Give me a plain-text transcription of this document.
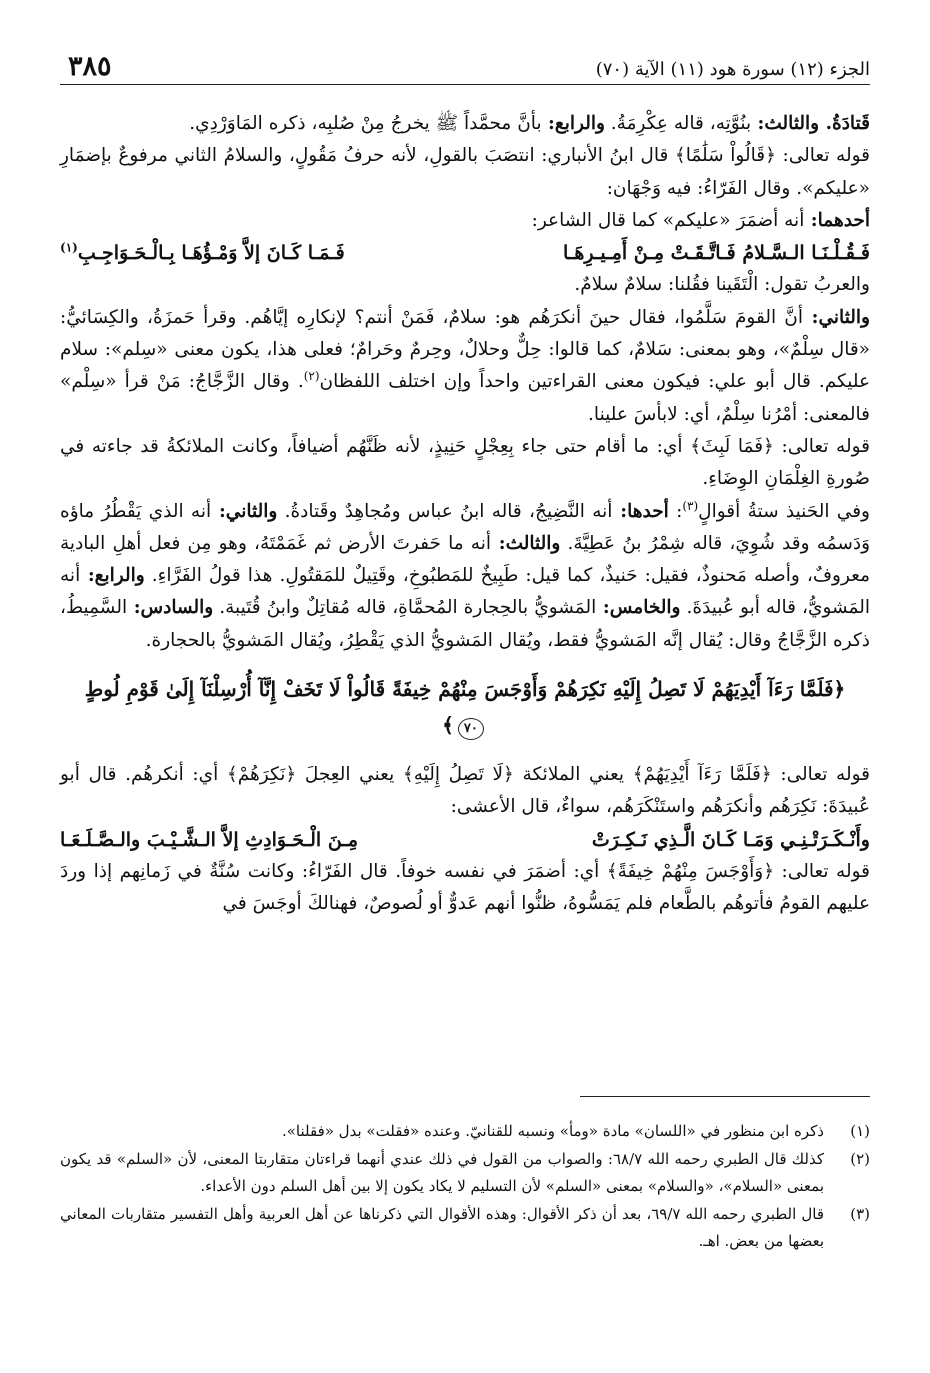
٣٨٥	الجزء (١٢) سورة هود (١١) الآية (٧٠)

قَتادَةُ. والثالث: بنُوَّتِه، قاله عِكْرِمَةُ. والرابع: بأنَّ محمَّداً ﷺ يخرجُ مِنْ صُلبِه، ذكره المَاوَرْدِي.

قوله تعالى: ﴿قَالُواْ سَلَٰمًا﴾ قال ابنُ الأنباري: انتصَبَ بالقولِ، لأنه حرفُ مَقُولٍ، والسلامُ الثاني مرفوعٌ بإضمَارِ «عليكم». وقال الفَرّاءُ: فيه وَجْهَان:

أحدهما: أنه أضمَرَ «عليكم» كما قال الشاعر:

فَـقُـلْـنَـا الـسَّـلامُ فَـاتَّـقَـتْ مِـنْ أَمِـيـرِهَـا
فَـمَـا كَـانَ إلاَّ وَمْـؤُهَـا بِـالْـحَـوَاجِـبِ$^{(١)}$

والعربُ تقول: الْتَقَينا فقُلنا: سلامٌ سلامٌ.

والثاني: أنَّ القومَ سَلَّمُوا، فقال حينَ أنكرَهُم هو: سلامٌ، فَمَنْ أنتم؟ لإنكارِه إيَّاهُم. وقرأ حَمزَةُ، والكِسَائيُّ: «قال سِلْمٌ»، وهو بمعنى: سَلامٌ، كما قالوا: حِلٌّ وحلالٌ، وحِرمٌ وحَرامٌ؛ فعلى هذا، يكون معنى «سِلم»: سلام عليكم. قال أبو علي: فيكون معنى القراءتين واحداً وإن اختلف اللفظان$^{(٢)}$. وقال الزَّجَّاجُ: مَنْ قرأ «سِلْم» فالمعنى: أمْرُنا سِلْمٌ، أي: لابأسَ علينا.

قوله تعالى: ﴿فَمَا لَبِثَ﴾ أي: ما أقام حتى جاء بِعِجْلٍ حَنِيذٍ، لأنه ظَنَّهُم أضيافاً، وكانت الملائكةُ قد جاءته في صُورةِ الغِلْمَانِ الوِضَاءِ.

وفي الحَنيذ ستةُ أقوالٍ$^{(٣)}$: أحدها: أنه النَّضِيجُ، قاله ابنُ عباس ومُجاهِدٌ وقَتادةُ. والثاني: أنه الذي يَقْطُرُ ماؤه وَدَسمُه وقد شُوِيَ، قاله شِمْرُ بنُ عَطِيَّةَ. والثالث: أنه ما حَفرتَ الأرض ثم غَمَمْتَهُ، وهو مِن فعل أهلِ البادية معروفٌ، وأصله مَحنوذٌ، فقيل: حَنيذٌ، كما قيل: طَبِيخٌ للمَطبُوخِ، وقَتِيلٌ للمَقتُولِ. هذا قولُ الفَرَّاءِ. والرابع: أنه المَشويُّ، قاله أبو عُبيدَةَ. والخامس: المَشويُّ بالحِجارة المُحمَّاةِ، قاله مُقاتِلٌ وابنُ قُتَيبة. والسادس: السَّمِيطُ، ذكره الزَّجَّاجُ وقال: يُقال إنَّه المَشويُّ فقط، ويُقال المَشويُّ الذي يَقْطِرُ، ويُقال المَشويُّ بالحجارة.

﴿فَلَمَّا رَءَآ أَيْدِيَهُمْ لَا تَصِلُ إِلَيْهِ نَكِرَهُمْ وَأَوْجَسَ مِنْهُمْ خِيفَةً قَالُواْ لَا تَخَفْ إِنَّآ أُرْسِلْنَآ إِلَىٰ قَوْمِ لُوطٍ٧٠﴾

قوله تعالى: ﴿فَلَمَّا رَءَآ أَيْدِيَهُمْ﴾ يعني الملائكة ﴿لَا تَصِلُ إِلَيْهِ﴾ يعني العِجلَ ﴿نَكِرَهُمْ﴾ أي: أنكرهُم. قال أبو عُبيدَةَ: نَكِرَهُم وأنكرَهُم واستَنْكَرَهُم، سواءٌ، قال الأعشى:

وأَنْـكَـرَتْـنِـي وَمَـا كَـانَ الَّـذِي نَـكِـرَتْ
مِـنَ الْـحَـوَادِثِ إلاَّ الـشَّـيْـبَ والـصَّـلَـعَـا

قوله تعالى: ﴿وَأَوْجَسَ مِنْهُمْ خِيفَةً﴾ أي: أضمَرَ في نفسه خوفاً. قال الفَرّاءُ: وكانت سُنَّةٌ في زَمانِهم إذا وردَ عليهم القومُ فأتوهُم بالطَّعام فلم يَمَسُّوهُ، ظنُّوا أنهم عَدوٌّ أو لُصوصٌ، فهنالكَ أوجَسَ في

(١)
ذكره ابن منظور في «اللسان» مادة «ومأ» ونسبه للقنانيّ. وعنده «فقلت» بدل «فقلنا».
(٢)
كذلك قال الطبري رحمه الله ٦٨/٧: والصواب من القول في ذلك عندي أنهما قراءتان متقاربتا المعنى، لأن «السلم» قد يكون بمعنى «السلام»، «والسلام» بمعنى «السلم» لأن التسليم لا يكاد يكون إلا بين أهل السلم دون الأعداء.
(٣)
قال الطبري رحمه الله ٦٩/٧، بعد أن ذكر الأقوال: وهذه الأقوال التي ذكرناها عن أهل العربية وأهل التفسير متقاربات المعاني بعضها من بعض. اهـ.
